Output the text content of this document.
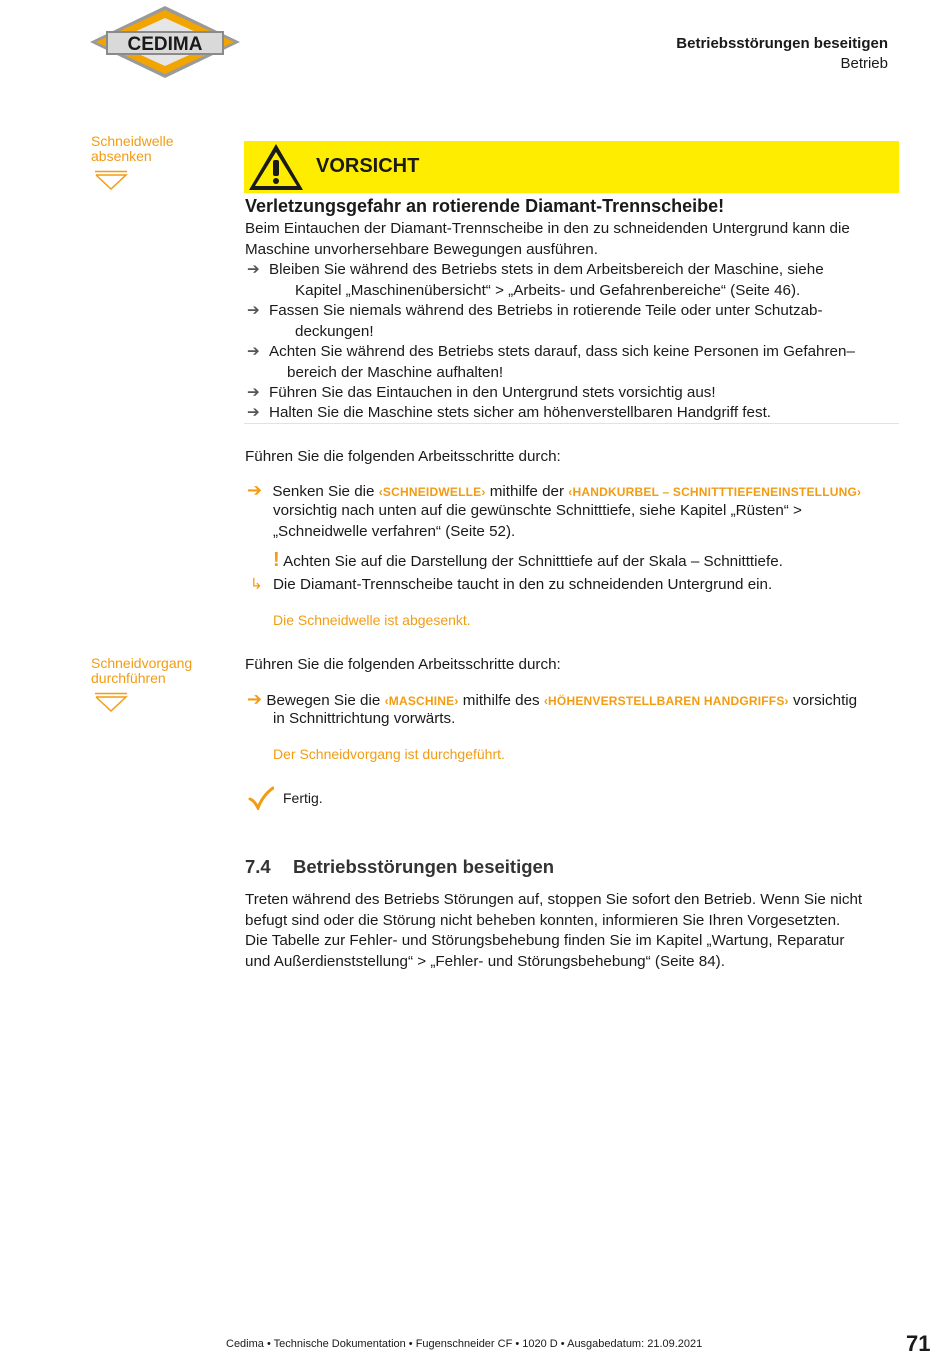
CEDIMA	Betriebsstörungen beseitigen
Betrieb
Schneidwelle
absenken	VORSICHT
Verletzungsgefahr an rotierende Diamant-Trennscheibe!
Beim Eintauchen der Diamant-Trennscheibe in den zu schneidenden Untergrund kann die
Maschine unvorhersehbare Bewegungen ausführen.
➔ Bleiben Sie während des Betriebs stets in dem Arbeitsbereich der Maschine, siehe
Kapitel „Maschinenübersicht“ > „Arbeits- und Gefahrenbereiche“ (Seite 46).
➔ Fassen Sie niemals während des Betriebs in rotierende Teile oder unter Schutzab-
deckungen!
➔ Achten Sie während des Betriebs stets darauf, dass sich keine Personen im Gefahren–
bereich der Maschine aufhalten!
➔ Führen Sie das Eintauchen in den Untergrund stets vorsichtig aus!
➔ Halten Sie die Maschine stets sicher am höhenverstellbaren Handgriff fest.
Führen Sie die folgenden Arbeitsschritte durch:
➔ Senken Sie die ‹SCHNEIDWELLE› mithilfe der ‹HANDKURBEL – SCHNITTTIEFENEINSTELLUNG›
vorsichtig nach unten auf die gewünschte Schnitttiefe, siehe Kapitel „Rüsten“ >
„Schneidwelle verfahren“ (Seite 52).
! Achten Sie auf die Darstellung der Schnitttiefe auf der Skala – Schnitttiefe.
↳ Die Diamant-Trennscheibe taucht in den zu schneidenden Untergrund ein.
Die Schneidwelle ist abgesenkt.
Schneidvorgang
durchführen
Führen Sie die folgenden Arbeitsschritte durch:
➔ Bewegen Sie die ‹MASCHINE› mithilfe des ‹HÖHENVERSTELLBAREN HANDGRIFFS› vorsichtig
in Schnittrichtung vorwärts.
Der Schneidvorgang ist durchgeführt.
Fertig.
7.4 Betriebsstörungen beseitigen
Treten während des Betriebs Störungen auf, stoppen Sie sofort den Betrieb. Wenn Sie nicht
befugt sind oder die Störung nicht beheben konnten, informieren Sie Ihren Vorgesetzten.
Die Tabelle zur Fehler- und Störungsbehebung finden Sie im Kapitel „Wartung, Reparatur
und Außerdienststellung“ > „Fehler- und Störungsbehebung“ (Seite 84).
Cedima • Technische Dokumentation • Fugenschneider CF • 1020 D • Ausgabedatum: 21.09.2021	71
